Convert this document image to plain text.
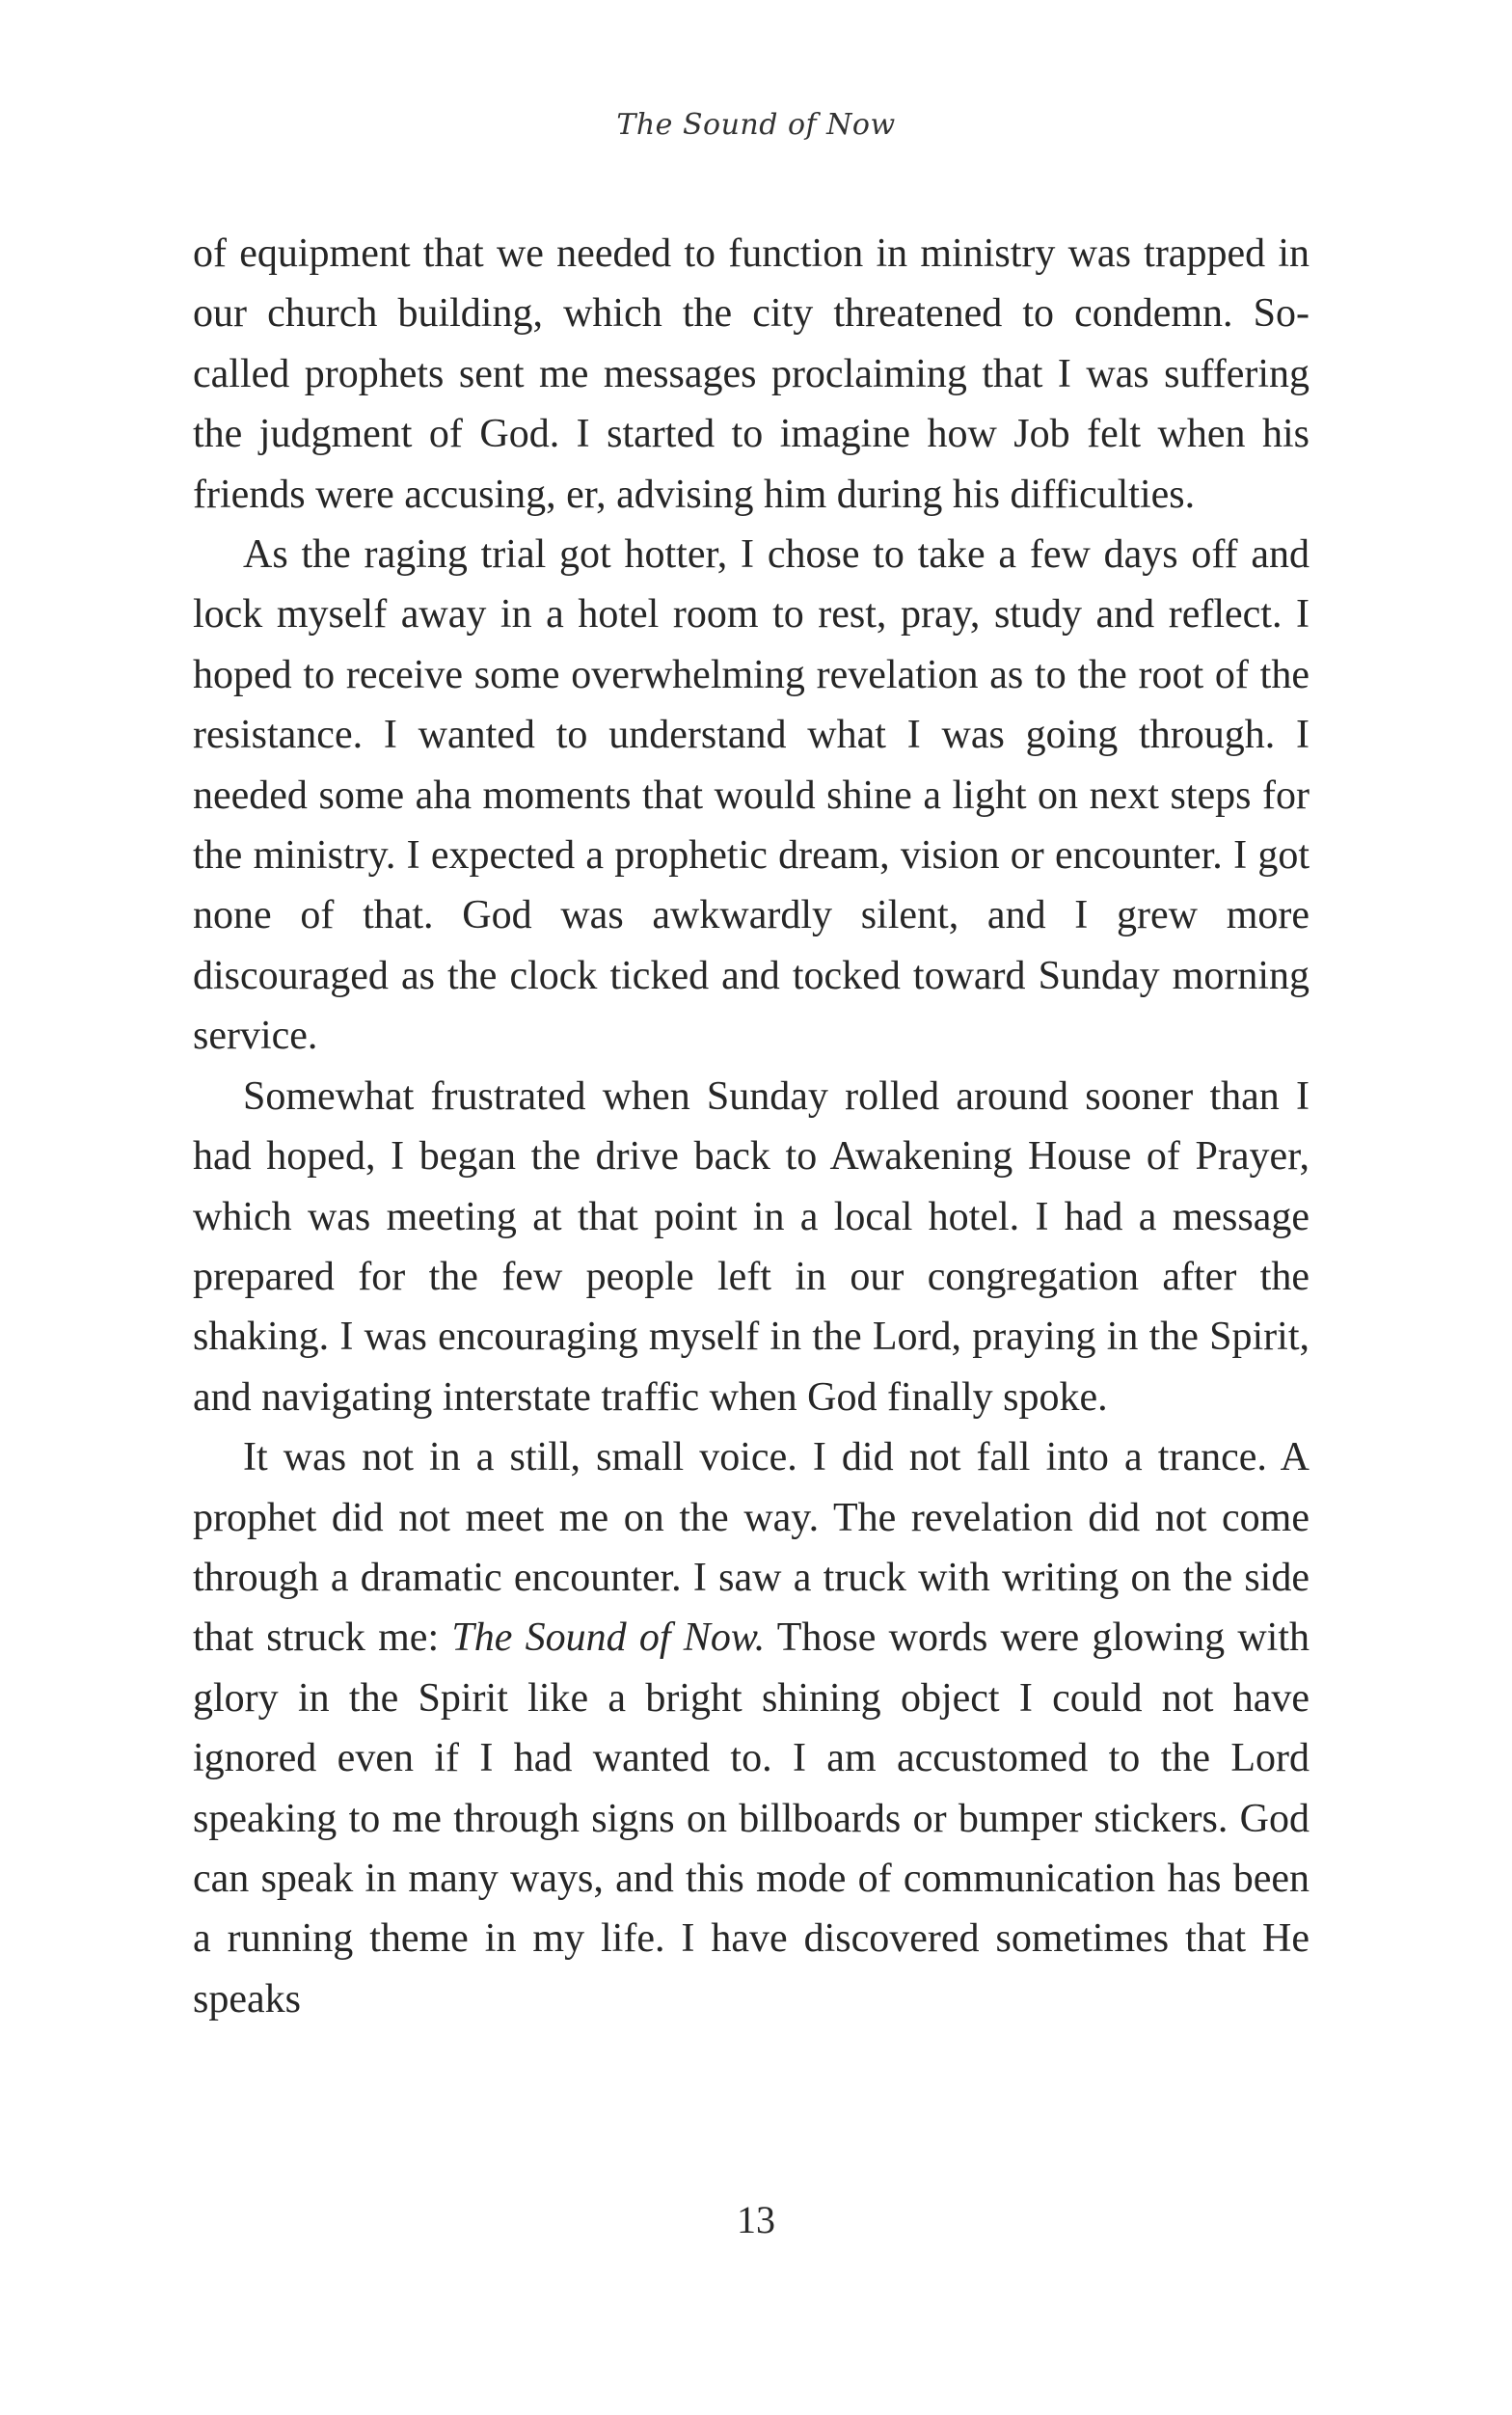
The Sound of Now

of equipment that we needed to function in ministry was trapped in our church building, which the city threatened to condemn. So-called prophets sent me messages proclaiming that I was suffering the judgment of God. I started to imagine how Job felt when his friends were accusing, er, advising him during his difficulties.

As the raging trial got hotter, I chose to take a few days off and lock myself away in a hotel room to rest, pray, study and reflect. I hoped to receive some overwhelming revelation as to the root of the resistance. I wanted to understand what I was going through. I needed some aha moments that would shine a light on next steps for the ministry. I expected a prophetic dream, vision or encounter. I got none of that. God was awkwardly silent, and I grew more discouraged as the clock ticked and tocked toward Sunday morning service.

Somewhat frustrated when Sunday rolled around sooner than I had hoped, I began the drive back to Awakening House of Prayer, which was meeting at that point in a local hotel. I had a message prepared for the few people left in our congregation after the shaking. I was encouraging myself in the Lord, praying in the Spirit, and navigating interstate traffic when God finally spoke.

It was not in a still, small voice. I did not fall into a trance. A prophet did not meet me on the way. The revelation did not come through a dramatic encounter. I saw a truck with writing on the side that struck me: The Sound of Now. Those words were glowing with glory in the Spirit like a bright shining object I could not have ignored even if I had wanted to. I am accustomed to the Lord speaking to me through signs on billboards or bumper stickers. God can speak in many ways, and this mode of communication has been a running theme in my life. I have discovered sometimes that He speaks

13
